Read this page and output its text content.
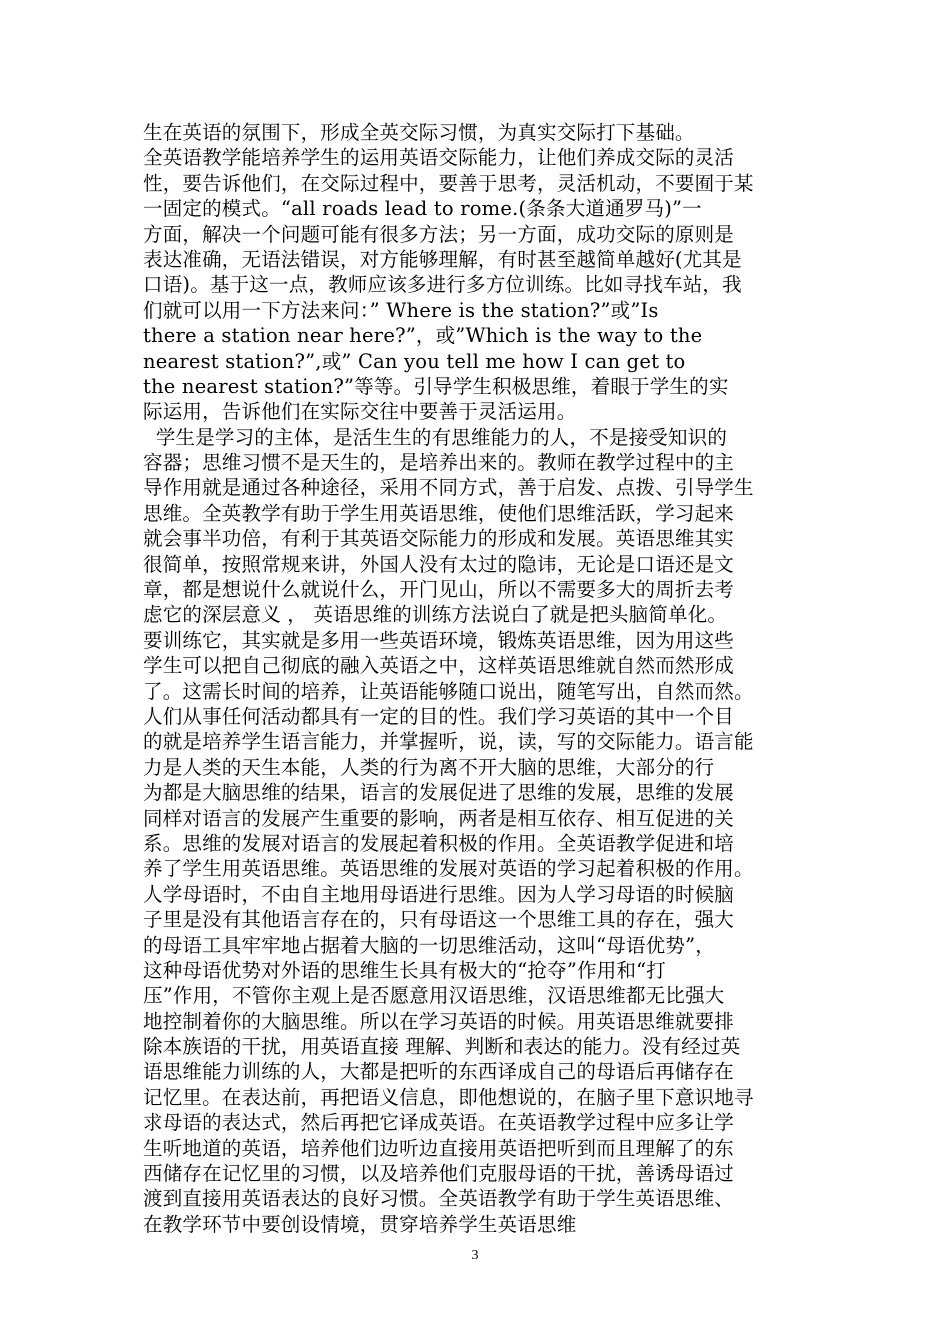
生在英语的氛围下，形成全英交际习惯，为真实交际打下基础。
全英语教学能培养学生的运用英语交际能力，让他们养成交际的灵活
性，要告诉他们，在交际过程中，要善于思考，灵活机动，不要囿于某
一固定的模式。“all roads lead to rome.(条条大道通罗马)”一
方面，解决一个问题可能有很多方法；另一方面，成功交际的原则是
表达准确，无语法错误，对方能够理解，有时甚至越简单越好(尤其是
口语)。基于这一点，教师应该多进行多方位训练。比如寻找车站，我
们就可以用一下方法来问：” Where is the station?”或”Is
there a station near here?”，或”Which is the way to the
nearest station?”,或” Can you tell me how I can get to
the nearest station?”等等。引导学生积极思维，着眼于学生的实
际运用，告诉他们在实际交往中要善于灵活运用。
学生是学习的主体，是活生生的有思维能力的人，不是接受知识的
容器；思维习惯不是天生的，是培养出来的。教师在教学过程中的主
导作用就是通过各种途径，采用不同方式，善于启发、点拨、引导学生
思维。全英教学有助于学生用英语思维，使他们思维活跃，学习起来
就会事半功倍，有利于其英语交际能力的形成和发展。英语思维其实
很简单，按照常规来讲，外国人没有太过的隐讳，无论是口语还是文
章，都是想说什么就说什么，开门见山，所以不需要多大的周折去考
虑它的深层意义 ， 英语思维的训练方法说白了就是把头脑简单化。
要训练它，其实就是多用一些英语环境，锻炼英语思维，因为用这些
学生可以把自己彻底的融入英语之中，这样英语思维就自然而然形成
了。这需长时间的培养，让英语能够随口说出，随笔写出，自然而然。
人们从事任何活动都具有一定的目的性。我们学习英语的其中一个目
的就是培养学生语言能力，并掌握听，说，读，写的交际能力。语言能
力是人类的天生本能，人类的行为离不开大脑的思维，大部分的行
为都是大脑思维的结果，语言的发展促进了思维的发展，思维的发展
同样对语言的发展产生重要的影响，两者是相互依存、相互促进的关
系。思维的发展对语言的发展起着积极的作用。全英语教学促进和培
养了学生用英语思维。英语思维的发展对英语的学习起着积极的作用。
人学母语时，不由自主地用母语进行思维。因为人学习母语的时候脑
子里是没有其他语言存在的，只有母语这一个思维工具的存在，强大
的母语工具牢牢地占据着大脑的一切思维活动，这叫“母语优势”，
这种母语优势对外语的思维生长具有极大的“抢夺”作用和“打
压”作用，不管你主观上是否愿意用汉语思维，汉语思维都无比强大
地控制着你的大脑思维。所以在学习英语的时候。用英语思维就要排
除本族语的干扰，用英语直接 理解、判断和表达的能力。没有经过英
语思维能力训练的人，大都是把听的东西译成自己的母语后再储存在
记忆里。在表达前，再把语义信息，即他想说的，在脑子里下意识地寻
求母语的表达式，然后再把它译成英语。在英语教学过程中应多让学
生听地道的英语，培养他们边听边直接用英语把听到而且理解了的东
西储存在记忆里的习惯，以及培养他们克服母语的干扰，善诱母语过
渡到直接用英语表达的良好习惯。全英语教学有助于学生英语思维、
在教学环节中要创设情境，贯穿培养学生英语思维
3
